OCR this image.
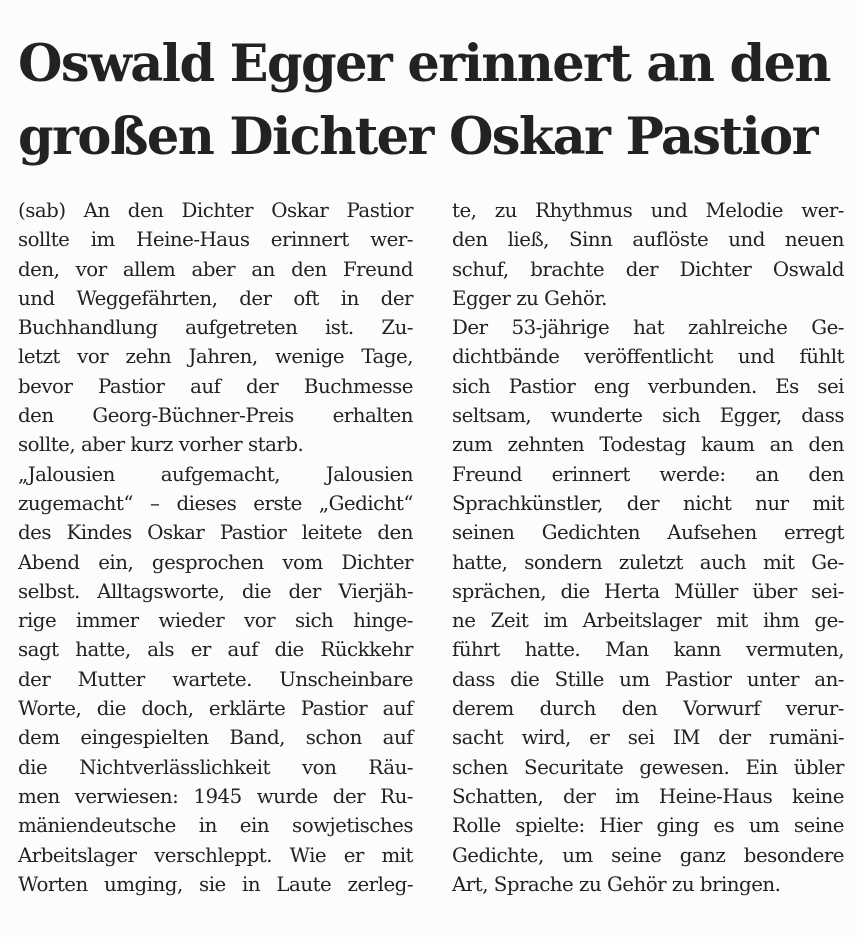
Oswald Egger erinnert an den
großen Dichter Oskar Pastior
(sab) An den Dichter Oskar Pastior
sollte im Heine-Haus erinnert wer-
den, vor allem aber an den Freund
und Weggefährten, der oft in der
Buchhandlung aufgetreten ist. Zu-
letzt vor zehn Jahren, wenige Tage,
bevor Pastior auf der Buchmesse
den Georg-Büchner-Preis erhalten
sollte, aber kurz vorher starb.
„Jalousien aufgemacht, Jalousien
zugemacht“ – dieses erste „Gedicht“
des Kindes Oskar Pastior leitete den
Abend ein, gesprochen vom Dichter
selbst. Alltagsworte, die der Vierjäh-
rige immer wieder vor sich hinge-
sagt hatte, als er auf die Rückkehr
der Mutter wartete. Unscheinbare
Worte, die doch, erklärte Pastior auf
dem eingespielten Band, schon auf
die Nichtverlässlichkeit von Räu-
men verwiesen: 1945 wurde der Ru-
mäniendeutsche in ein sowjetisches
Arbeitslager verschleppt. Wie er mit
Worten umging, sie in Laute zerleg-
te, zu Rhythmus und Melodie wer-
den ließ, Sinn auflöste und neuen
schuf, brachte der Dichter Oswald
Egger zu Gehör.
Der 53-jährige hat zahlreiche Ge-
dichtbände veröffentlicht und fühlt
sich Pastior eng verbunden. Es sei
seltsam, wunderte sich Egger, dass
zum zehnten Todestag kaum an den
Freund erinnert werde: an den
Sprachkünstler, der nicht nur mit
seinen Gedichten Aufsehen erregt
hatte, sondern zuletzt auch mit Ge-
sprächen, die Herta Müller über sei-
ne Zeit im Arbeitslager mit ihm ge-
führt hatte. Man kann vermuten,
dass die Stille um Pastior unter an-
derem durch den Vorwurf verur-
sacht wird, er sei IM der rumäni-
schen Securitate gewesen. Ein übler
Schatten, der im Heine-Haus keine
Rolle spielte: Hier ging es um seine
Gedichte, um seine ganz besondere
Art, Sprache zu Gehör zu bringen.
